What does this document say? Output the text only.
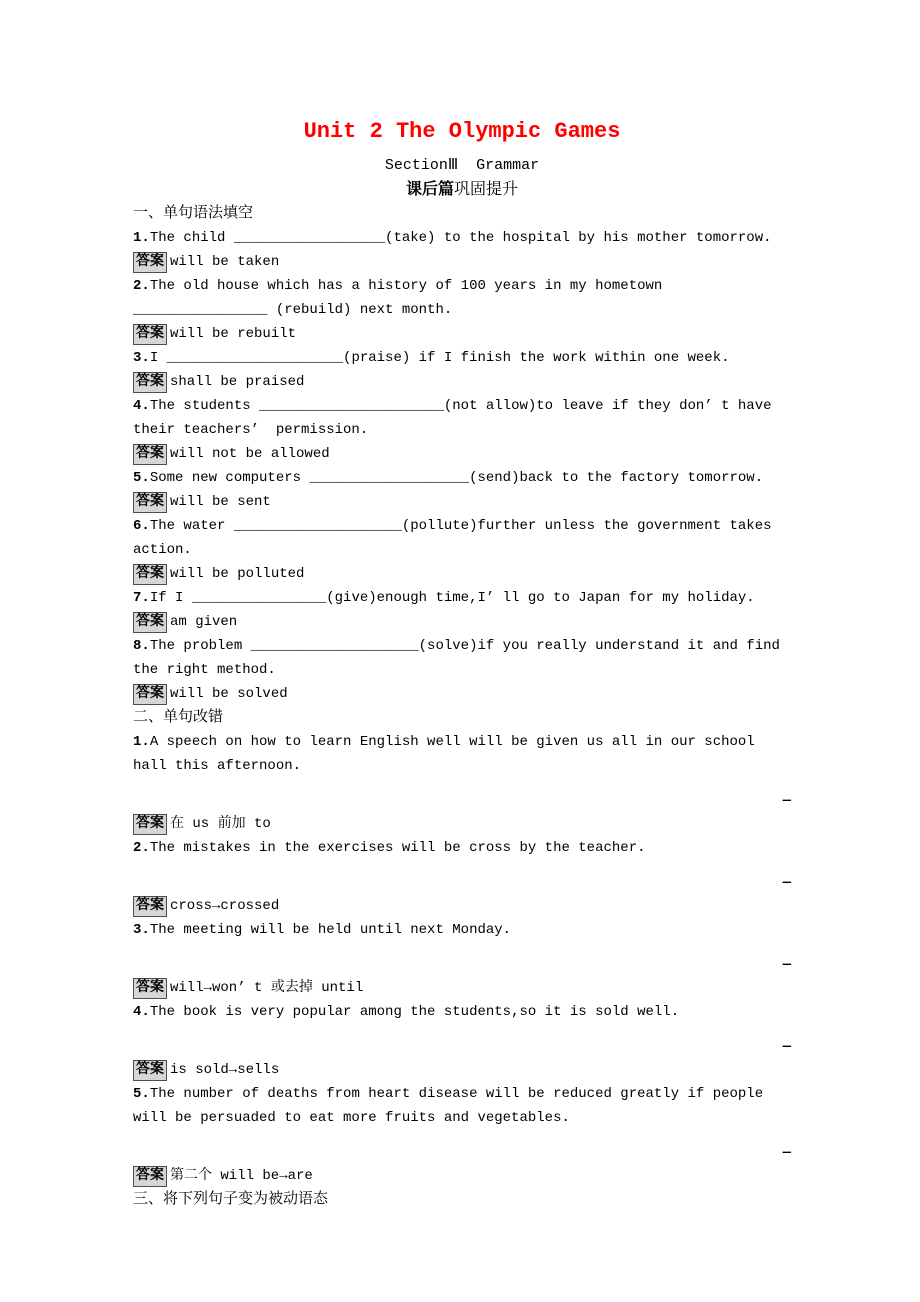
Unit 2 The Olympic Games
SectionⅢ  Grammar
课后篇巩固提升

一、单句语法填空

1.The child __________________(take) to the hospital by his mother tomorrow.

答案 will be taken

2.The old house which has a history of 100 years in my hometown ________________ (rebuild) next month.

答案 will be rebuilt

3.I _____________________(praise) if I finish the work within one week.

答案 shall be praised

4.The students ______________________(not allow)to leave if they don’ t have their teachers’  permission.

答案 will not be allowed

5.Some new computers ___________________(send)back to the factory tomorrow.

答案 will be sent

6.The water ____________________(pollute)further unless the government takes action.

答案 will be polluted

7.If I ________________(give)enough time,I’ ll go to Japan for my holiday.

答案 am given

8.The problem ____________________(solve)if you really understand it and find the right method.

答案 will be solved

二、单句改错

1.A speech on how to learn English well will be given us all in our school hall this afternoon.

—

答案 在 us 前加 to

2.The mistakes in the exercises will be cross by the teacher.

—

答案 cross→crossed

3.The meeting will be held until next Monday.

—

答案 will→won’ t 或去掉 until

4.The book is very popular among the students,so it is sold well.

—

答案 is sold→sells

5.The number of deaths from heart disease will be reduced greatly if people will be persuaded to eat more fruits and vegetables.

—

答案 第二个 will be→are

三、将下列句子变为被动语态
